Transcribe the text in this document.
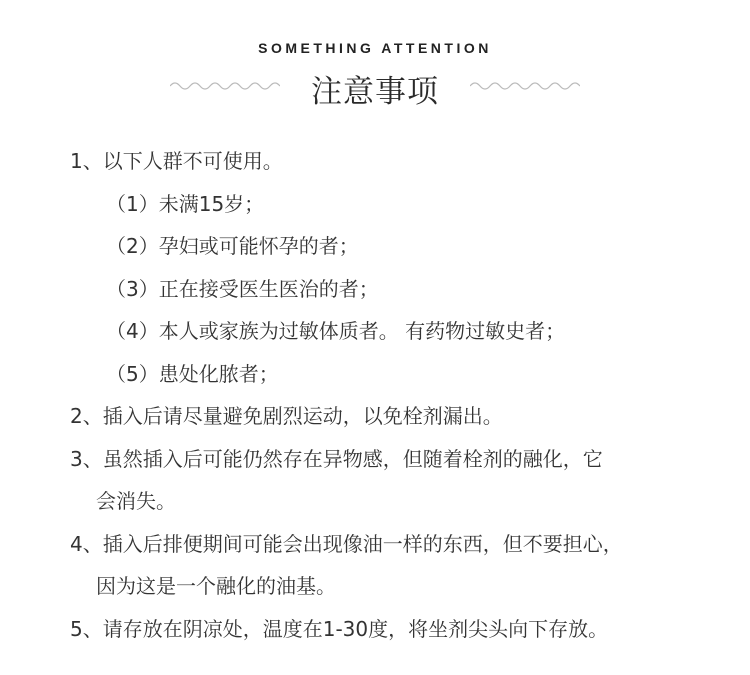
SOMETHING ATTENTION
注意事项
1、以下人群不可使用。
（1）未满15岁；
（2）孕妇或可能怀孕的者；
（3）正在接受医生医治的者；
（4）本人或家族为过敏体质者。 有药物过敏史者；
（5）患处化脓者；
2、插入后请尽量避免剧烈运动，以免栓剂漏出。
3、虽然插入后可能仍然存在异物感，但随着栓剂的融化，它
会消失。
4、插入后排便期间可能会出现像油一样的东西，但不要担心，
因为这是一个融化的油基。
5、请存放在阴凉处，温度在1-30度，将坐剂尖头向下存放。
